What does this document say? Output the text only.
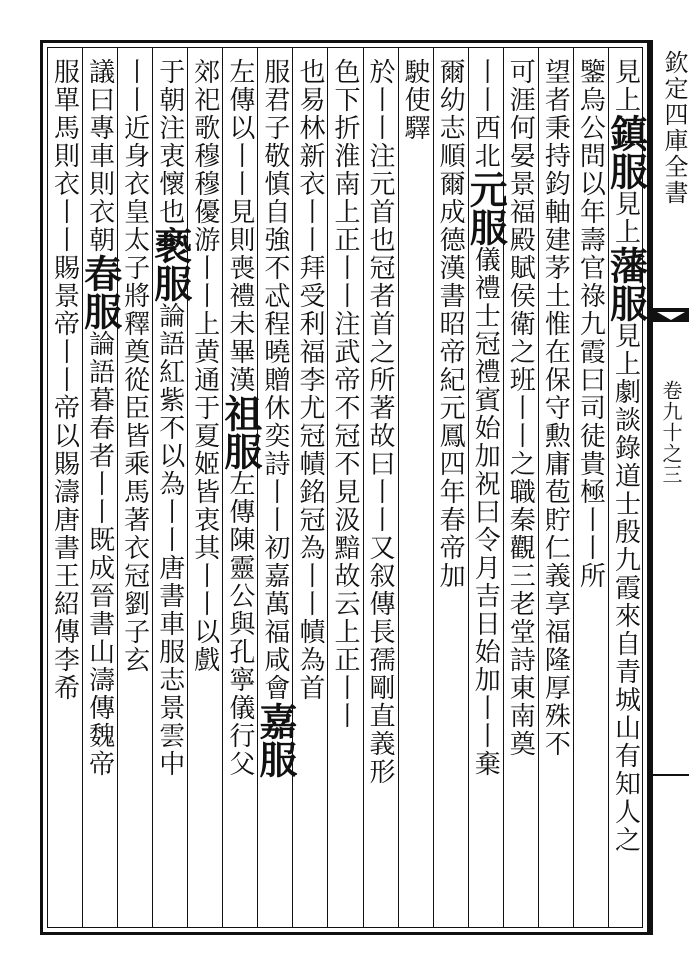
見上鎮服見上藩服見上劇談錄道士殷九霞來自青城山有知人之
鑒烏公問以年壽官祿九霞曰司徒貴極丨丨所
望者秉持鈞軸建茅土惟在保守勲庸苞貯仁義享福隆厚殊不
可涯何晏景福殿賦侯衛之班丨丨之職秦觀三老堂詩東南奠
丨丨西北元服儀禮士冠禮賓始加祝曰令月吉日始加丨丨棄
爾幼志順爾成德漢書昭帝紀元鳳四年春帝加
駛使驛
於丨丨注元首也冠者首之所著故曰丨丨又叙傳長孺剛直義形
色下折淮南上正丨丨注武帝不冠不見汲黯故云上正丨丨
也易林新衣丨丨拜受利福李尤冠幘銘冠為丨丨幘為首
服君子敬慎自強不忒程曉贈休奕詩丨丨初嘉萬福咸會嘉服
左傳以丨丨見則喪禮未畢漢祖服左傳陳靈公與孔寧儀行父
郊祀歌穆穆優游丨丨上黄通于夏姬皆衷其丨丨以戲
于朝注衷懷也褻服論語紅紫不以為丨丨唐書車服志景雲中
丨丨近身衣皇太子將釋奠從臣皆乘馬著衣冠劉子玄
議曰專車則衣朝春服論語暮春者丨丨既成晉書山濤傳魏帝
服單馬則衣丨丨賜景帝丨丨帝以賜濤唐書王紹傳李希
欽定四庫全書
卷九十之三
